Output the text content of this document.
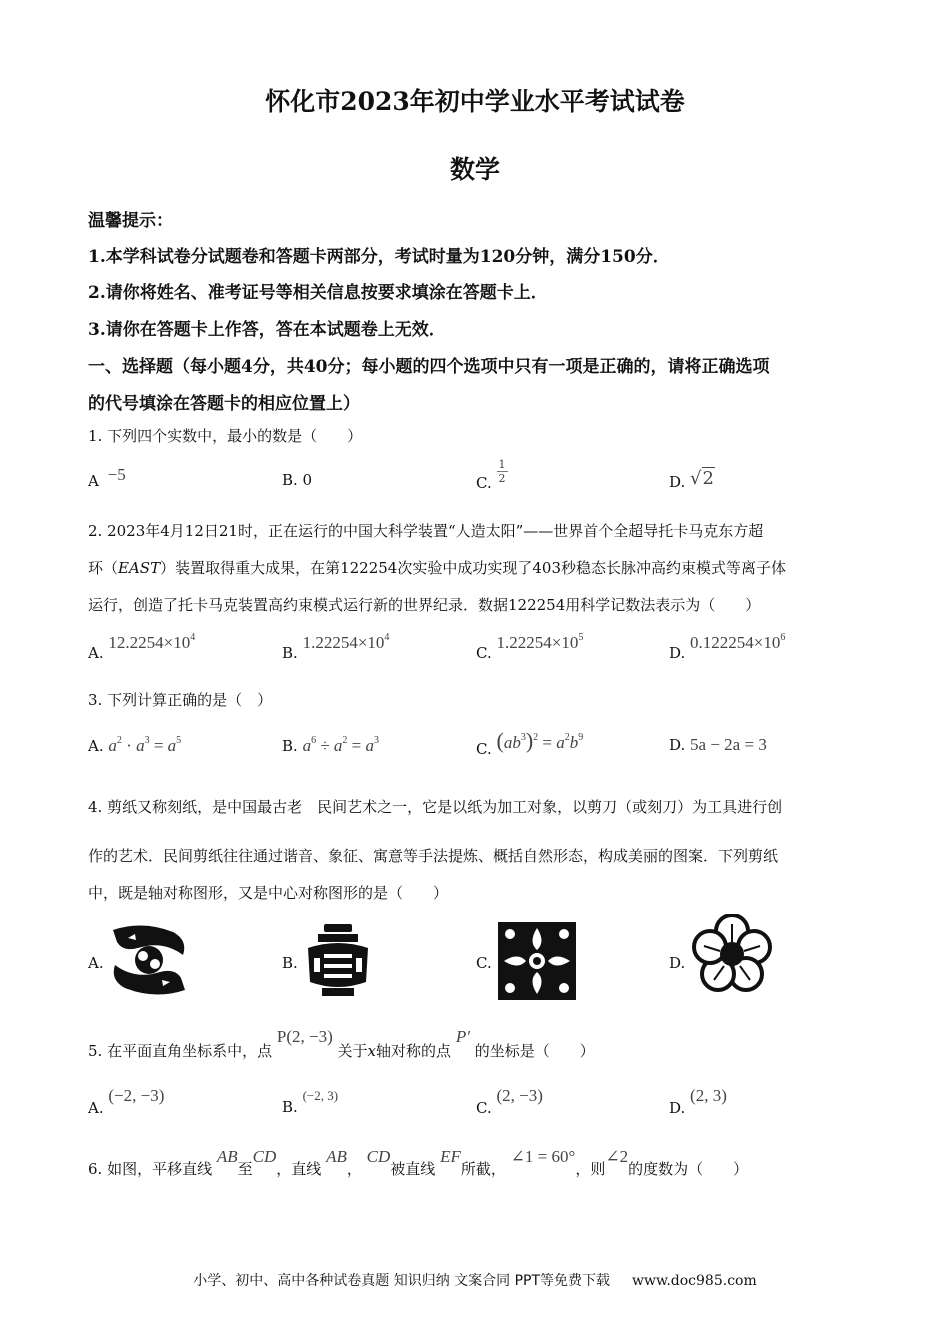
怀化市2023年初中学业水平考试试卷
数学
温馨提示：
1.本学科试卷分试题卷和答题卡两部分，考试时量为120分钟，满分150分．
2.请你将姓名、准考证号等相关信息按要求填涂在答题卡上．
3.请你在答题卡上作答，答在本试题卷上无效．
一、选择题（每小题4分，共40分；每小题的四个选项中只有一项是正确的，请将正确选项
的代号填涂在答题卡的相应位置上）
1. 下列四个实数中，最小的数是（　　）
A −5	B. 0	C. $\frac{1}{2}$	D. √2
2. 2023年4月12日21时，正在运行的中国大科学装置“人造太阳”——世界首个全超导托卡马克东方超
环（EAST）装置取得重大成果，在第122254次实验中成功实现了403秒稳态长脉冲高约束模式等离子体
运行，创造了托卡马克装置高约束模式运行新的世界纪录．数据122254用科学记数法表示为（　　）
A. $12.2254\times 10^4$
B. $1.22254\times 10^4$
C. $1.22254\times 10^5$
D. $0.122254\times 10^6$
3. 下列计算正确的是（　）
A. $a^2 \cdot a^3 = a^5$	B. $a^6 \div a^2 = a^3$	C. $(ab^3)^2 = a^2b^9$	D. 5a − 2a = 3
4. 剪纸又称刻纸，是中国最古老　民间艺术之一，它是以纸为加工对象，以剪刀（或刻刀）为工具进行创
作的艺术．民间剪纸往往通过谐音、象征、寓意等手法提炼、概括自然形态，构成美丽的图案．下列剪纸
中，既是轴对称图形，又是中心对称图形的是（　　）
A.	B.	C.	D.
5. 在平面直角坐标系中，点 P(2, −3) 关于x轴对称的点 P′ 的坐标是（　　）
A. (−2, −3)
B. (−2, 3)
C. (2, −3)
D. (2, 3)
6. 如图，平移直线 AB至CD，直线 AB， CD被直线 EF所截， ∠1 = 60°，则∠2的度数为（　　）
小学、初中、高中各种试卷真题 知识归纳 文案合同 PPT等免费下载 www.doc985.com
